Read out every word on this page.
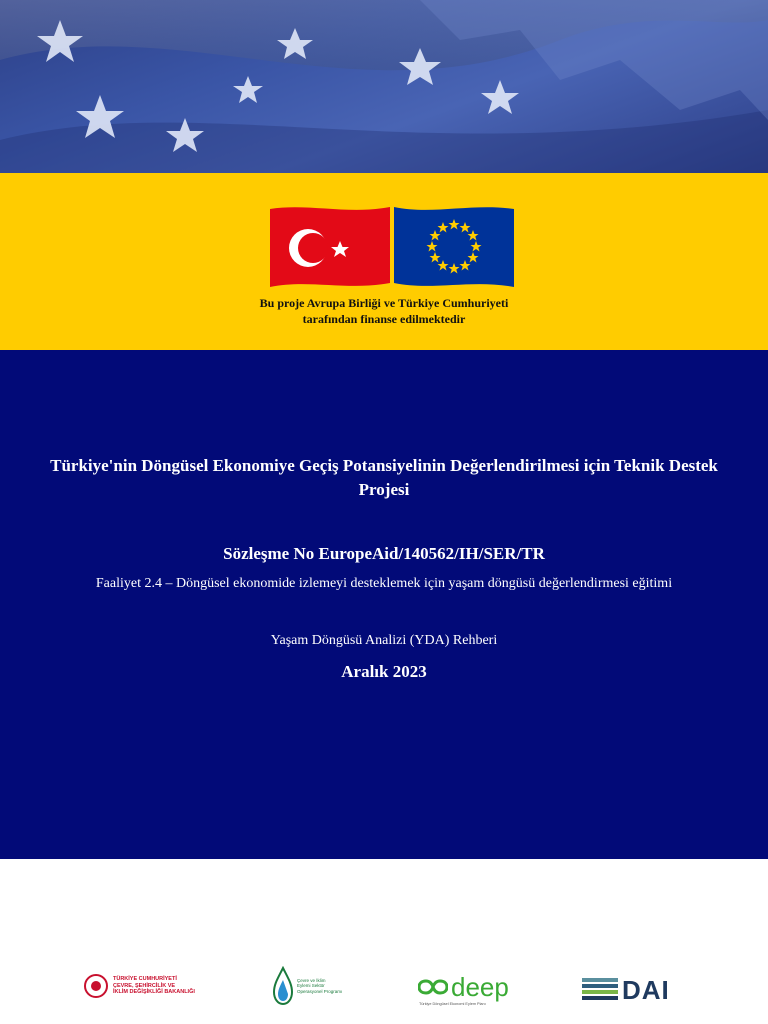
Bu proje Avrupa Birliği ve Türkiye Cumhuriyeti
tarafından finanse edilmektedir
Türkiye'nin Döngüsel Ekonomiye Geçiş Potansiyelinin Değerlendirilmesi için Teknik Destek
Projesi
Sözleşme No EuropeAid/140562/IH/SER/TR
Faaliyet 2.4 – Döngüsel ekonomide izlemeyi desteklemek için yaşam döngüsü değerlendirmesi eğitimi
Yaşam Döngüsü Analizi (YDA) Rehberi
Aralık 2023
TÜRKİYE CUMHURİYETİ
ÇEVRE, ŞEHİRCİLİK VE
İKLİM DEĞİŞİKLİĞİ BAKANLIĞI
Çevre ve İklim
Eylemi Sektör
Operasyonel Programı	deep
Türkiye Döngüsel Ekonomi Eylem Planı	DAI
